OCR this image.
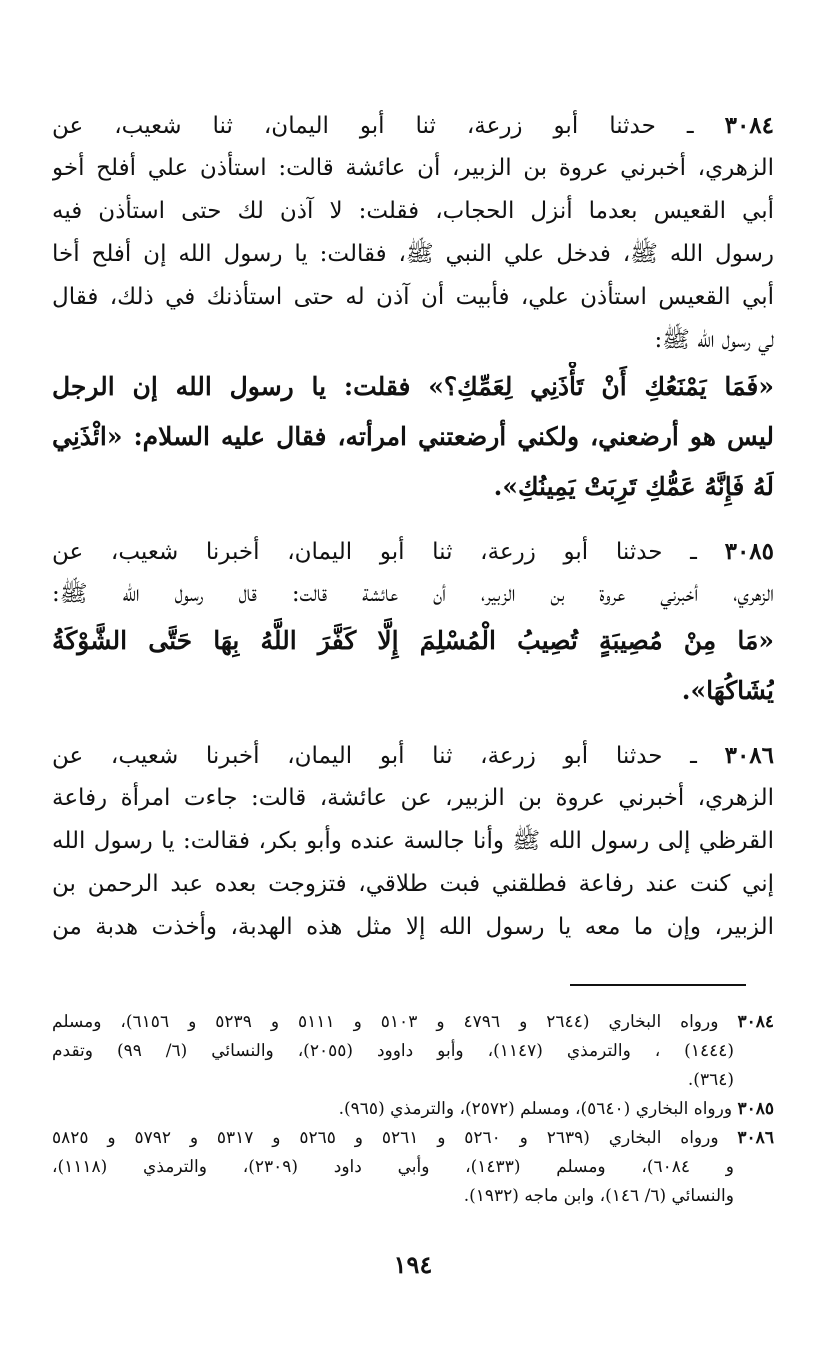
٣٠٨٤ ـ حدثنا أبو زرعة، ثنا أبو اليمان، ثنا شعيب، عن
الزهري، أخبرني عروة بن الزبير، أن عائشة قالت: استأذن علي أفلح أخو
أبي القعيس بعدما أنزل الحجاب، فقلت: لا آذن لك حتى استأذن فيه
رسول الله ﷺ، فدخل علي النبي ﷺ، فقالت: يا رسول الله إن أفلح أخا
أبي القعيس استأذن علي، فأبيت أن آذن له حتى استأذنك في ذلك، فقال
لي رسول الله ﷺ:
«فَمَا يَمْنَعُكِ أَنْ تَأْذَنِي لِعَمِّكِ؟» فقلت: يا رسول الله إن الرجل
ليس هو أرضعني، ولكني أرضعتني امرأته، فقال عليه السلام: «ائْذَنِي
لَهُ فَإِنَّهُ عَمُّكِ تَرِبَتْ يَمِينُكِ».
٣٠٨٥ ـ حدثنا أبو زرعة، ثنا أبو اليمان، أخبرنا شعيب، عن
الزهري، أخبرني عروة بن الزبير، أن عائشة قالت: قال رسول الله ﷺ:
«مَا مِنْ مُصِيبَةٍ تُصِيبُ الْمُسْلِمَ إِلَّا كَفَّرَ اللَّهُ بِهَا حَتَّى الشَّوْكَةُ
يُشَاكُهَا».
٣٠٨٦ ـ حدثنا أبو زرعة، ثنا أبو اليمان، أخبرنا شعيب، عن
الزهري، أخبرني عروة بن الزبير، عن عائشة، قالت: جاءت امرأة رفاعة
القرظي إلى رسول الله ﷺ وأنا جالسة عنده وأبو بكر، فقالت: يا رسول الله
إني كنت عند رفاعة فطلقني فبت طلاقي، فتزوجت بعده عبد الرحمن بن
الزبير، وإن ما معه يا رسول الله إلا مثل هذه الهدبة، وأخذت هدبة من
٣٠٨٤ ورواه البخاري (٢٦٤٤ و ٤٧٩٦ و ٥١٠٣ و ٥١١١ و ٥٢٣٩ و ٦١٥٦)، ومسلم
(١٤٤٤) ، والترمذي (١١٤٧)، وأبو داوود (٢٠٥٥)، والنسائي (٦/ ٩٩) وتقدم
(٣٦٤).
٣٠٨٥ ورواه البخاري (٥٦٤٠)، ومسلم (٢٥٧٢)، والترمذي (٩٦٥).
٣٠٨٦ ورواه البخاري (٢٦٣٩ و ٥٢٦٠ و ٥٢٦١ و ٥٢٦٥ و ٥٣١٧ و ٥٧٩٢ و ٥٨٢٥
و ٦٠٨٤)، ومسلم (١٤٣٣)، وأبي داود (٢٣٠٩)، والترمذي (١١١٨)،
والنسائي (٦/ ١٤٦)، وابن ماجه (١٩٣٢).
١٩٤
